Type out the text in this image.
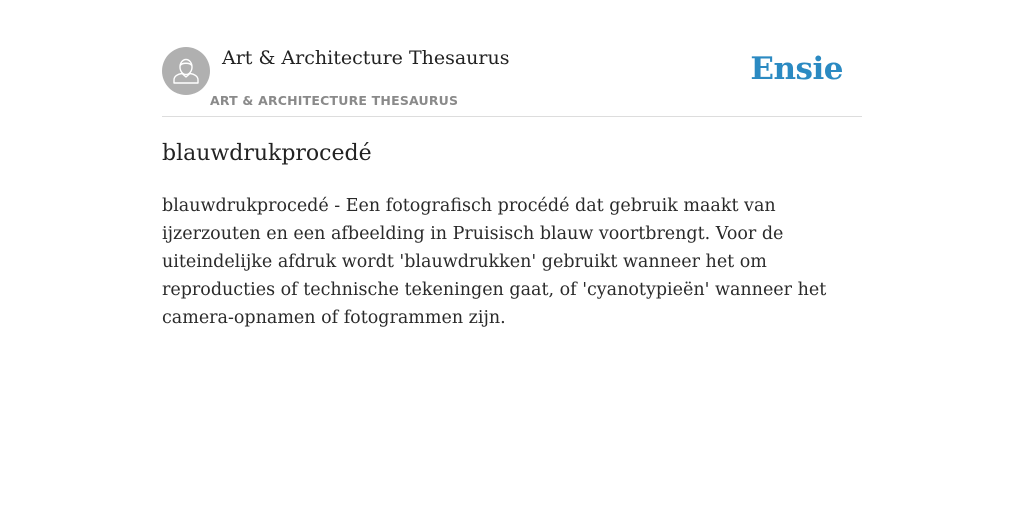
Art & Architecture Thesaurus
ART & ARCHITECTURE THESAURUS
Ensie
blauwdrukprocedé

blauwdrukprocedé - Een fotografisch procédé dat gebruik maakt van ijzerzouten en een afbeelding in Pruisisch blauw voortbrengt. Voor de uiteindelijke afdruk wordt 'blauwdrukken' gebruikt wanneer het om reproducties of technische tekeningen gaat, of 'cyanotypieën' wanneer het camera-opnamen of fotogrammen zijn.
